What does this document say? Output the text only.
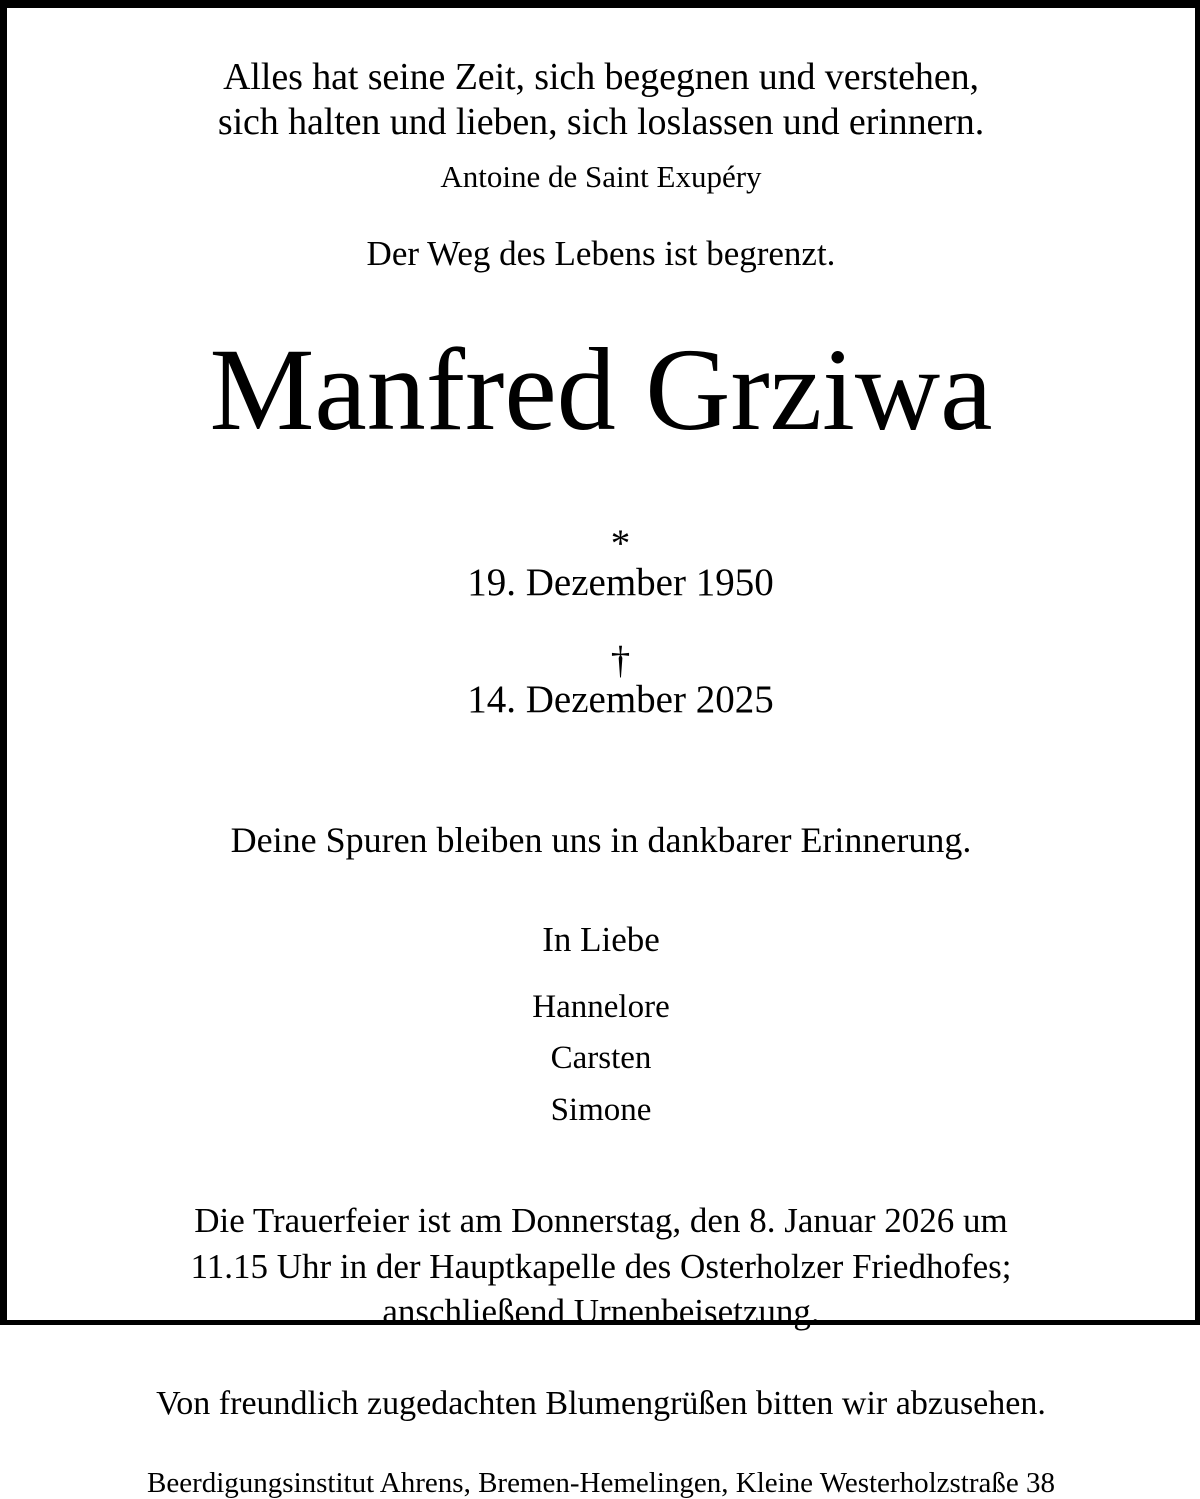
Alles hat seine Zeit, sich begegnen und verstehen,
sich halten und lieben, sich loslassen und erinnern.
Antoine de Saint Exupéry
Der Weg des Lebens ist begrenzt.
Manfred Grziwa

*
19. Dezember 1950

†
14. Dezember 2025

Deine Spuren bleiben uns in dankbarer Erinnerung.
In Liebe
Hannelore
Carsten
Simone
Die Trauerfeier ist am Donnerstag, den 8. Januar 2026 um
11.15 Uhr in der Hauptkapelle des Osterholzer Friedhofes;
anschließend Urnenbeisetzung.
Von freundlich zugedachten Blumengrüßen bitten wir abzusehen.
Beerdigungsinstitut Ahrens, Bremen-Hemelingen, Kleine Westerholzstraße 38
